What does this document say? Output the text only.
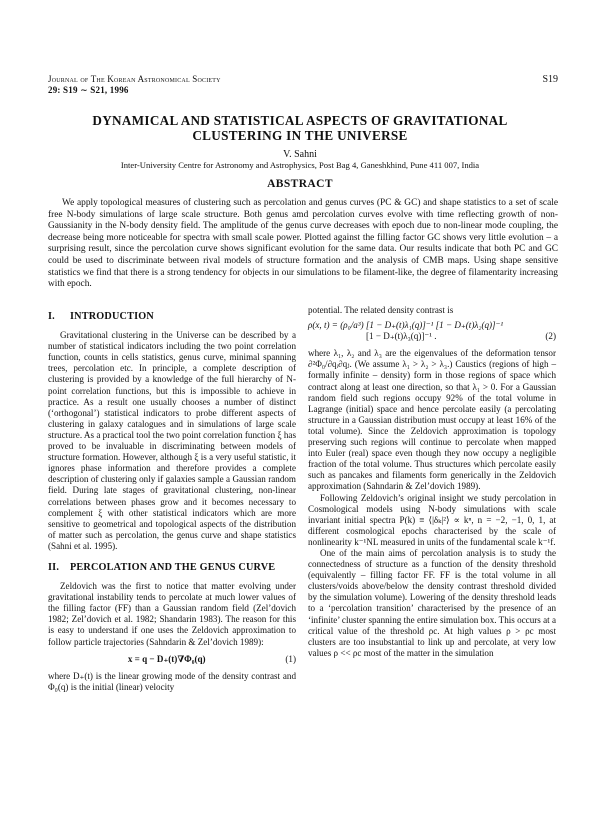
Journal of The Korean Astronomical Society
29: S19 ∼ S21, 1996
S19
DYNAMICAL AND STATISTICAL ASPECTS OF GRAVITATIONAL
CLUSTERING IN THE UNIVERSE
V. Sahni
Inter-University Centre for Astronomy and Astrophysics, Post Bag 4, Ganeshkhind, Pune 411 007, India
ABSTRACT
We apply topological measures of clustering such as percolation and genus curves (PC & GC) and shape statistics to a set of scale free N-body simulations of large scale structure. Both genus amd percolation curves evolve with time reflecting growth of non-Gaussianity in the N-body density field. The amplitude of the genus curve decreases with epoch due to non-linear mode coupling, the decrease being more noticeable for spectra with small scale power. Plotted against the filling factor GC shows very little evolution – a surprising result, since the percolation curve shows significant evolution for the same data. Our results indicate that both PC and GC could be used to discriminate between rival models of structure formation and the analysis of CMB maps. Using shape sensitive statistics we find that there is a strong tendency for objects in our simulations to be filament-like, the degree of filamentarity increasing with epoch.
I. INTRODUCTION

Gravitational clustering in the Universe can be described by a number of statistical indicators including the two point correlation function, counts in cells statistics, genus curve, minimal spanning trees, percolation etc. In principle, a complete description of clustering is provided by a knowledge of the full hierarchy of N-point correlation functions, but this is impossible to achieve in practice. As a result one usually chooses a number of distinct (‘orthogonal’) statistical indicators to probe different aspects of clustering in galaxy catalogues and in simulations of large scale structure. As a practical tool the two point correlation function ξ has proved to be invaluable in discriminating between models of structure formation. However, although ξ is a very useful statistic, it ignores phase information and therefore provides a complete description of clustering only if galaxies sample a Gaussian random field. During late stages of gravitational clustering, non-linear correlations between phases grow and it becomes necessary to complement ξ with other statistical indicators which are more sensitive to geometrical and topological aspects of the distribution of matter such as percolation, the genus curve and shape statistics (Sahni et al. 1995).

II. PERCOLATION AND THE GENUS CURVE

Zeldovich was the first to notice that matter evolving under gravitational instability tends to percolate at much lower values of the filling factor (FF) than a Gaussian random field (Zel’dovich 1982; Zel’dovich et al. 1982; Shandarin 1983). The reason for this is easy to understand if one uses the Zeldovich approximation to follow particle trajectories (Sahndarin & Zel’dovich 1989):

x = q − D₊(t)∇Φ₀(q)	(1)

where D₊(t) is the linear growing mode of the density contrast and Φ₀(q) is the initial (linear) velocity

potential. The related density contrast is

ρ(x, t) = (ρ₀/a³) [1 − D₊(t)λ₁(q)]⁻¹ [1 − D₊(t)λ₂(q)]⁻¹
[1 − D₊(t)λ₃(q)]⁻¹ .	(2)

where λ₁, λ₂ and λ₃ are the eigenvalues of the deformation tensor ∂²Φ₀/∂qᵢ∂qⱼ. (We assume λ₁ > λ₂ > λ₃.) Caustics (regions of high – formally infinite – density) form in those regions of space which contract along at least one direction, so that λ₁ > 0. For a Gaussian random field such regions occupy 92% of the total volume in Lagrange (initial) space and hence percolate easily (a percolating structure in a Gaussian distribution must occupy at least 16% of the total volume). Since the Zeldovich approximation is topology preserving such regions will continue to percolate when mapped into Euler (real) space even though they now occupy a negligible fraction of the total volume. Thus structures which percolate easily such as pancakes and filaments form generically in the Zeldovich approximation (Sahndarin & Zel’dovich 1989).

Following Zeldovich’s original insight we study percolation in Cosmological models using N-body simulations with scale invariant initial spectra P(k) ≡ ⟨|δₖ|²⟩ ∝ kⁿ, n = −2, −1, 0, 1, at different cosmological epochs characterised by the scale of nonlinearity k⁻¹NL measured in units of the fundamental scale k⁻¹f.

One of the main aims of percolation analysis is to study the connectedness of structure as a function of the density threshold (equivalently – filling factor FF. FF is the total volume in all clusters/voids above/below the density contrast threshold divided by the simulation volume). Lowering of the density threshold leads to a ‘percolation transition’ characterised by the presence of an ‘infinite’ cluster spanning the entire simulation box. This occurs at a critical value of the threshold ρc. At high values ρ > ρc most clusters are too insubstantial to link up and percolate, at very low values ρ << ρc most of the matter in the simulation
